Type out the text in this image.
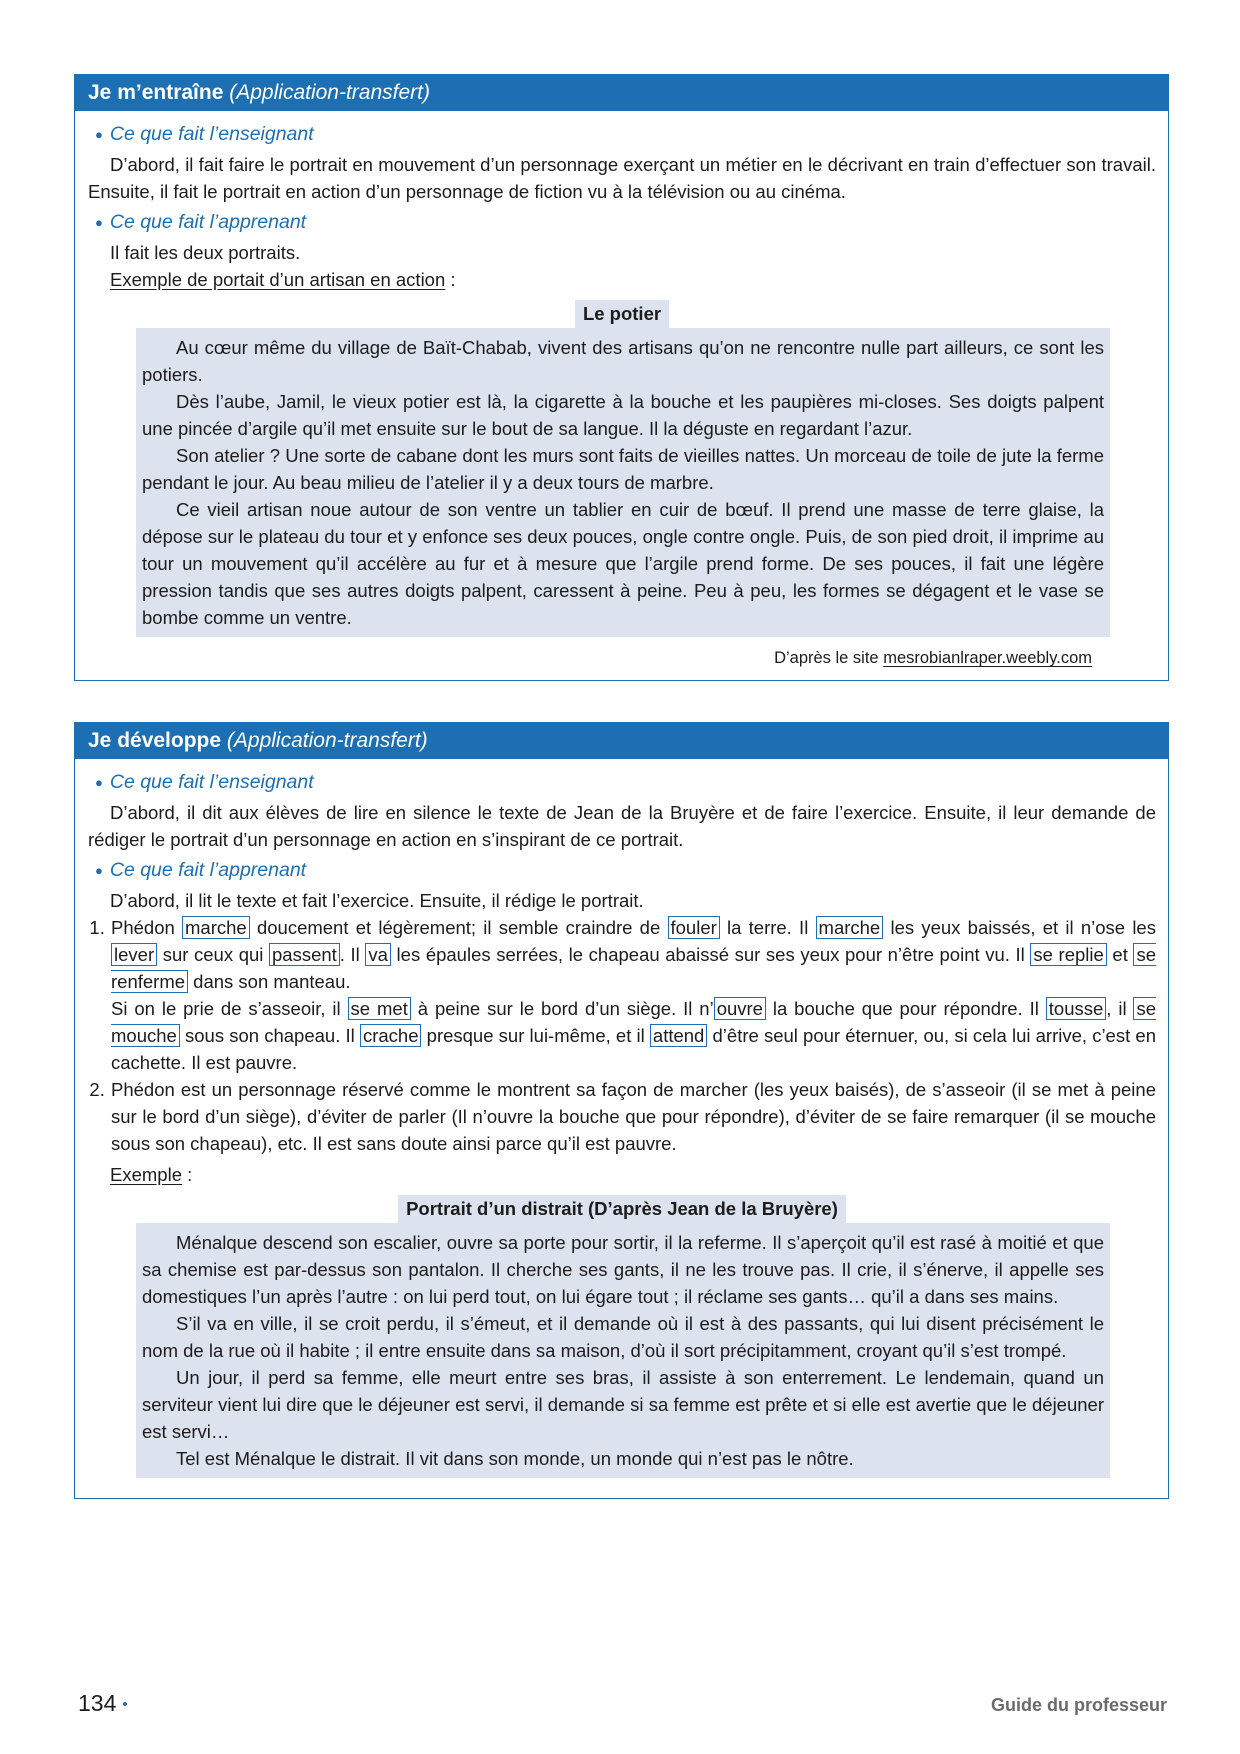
Je m’entraîne (Application-transfert)
● Ce que fait l’enseignant

D’abord, il fait faire le portrait en mouvement d’un personnage exerçant un métier en le décrivant en train d’effectuer son travail. Ensuite, il fait le portrait en action d’un personnage de fiction vu à la télévision ou au cinéma.

● Ce que fait l’apprenant

Il fait les deux portraits.

Exemple de portait d’un artisan en action :

Le potier

Au cœur même du village de Baït-Chabab, vivent des artisans qu’on ne rencontre nulle part ailleurs, ce sont les potiers.

Dès l’aube, Jamil, le vieux potier est là, la cigarette à la bouche et les paupières mi-closes. Ses doigts palpent une pincée d’argile qu’il met ensuite sur le bout de sa langue. Il la déguste en regardant l’azur.

Son atelier ? Une sorte de cabane dont les murs sont faits de vieilles nattes. Un morceau de toile de jute la ferme pendant le jour. Au beau milieu de l’atelier il y a deux tours de marbre.

Ce vieil artisan noue autour de son ventre un tablier en cuir de bœuf. Il prend une masse de terre glaise, la dépose sur le plateau du tour et y enfonce ses deux pouces, ongle contre ongle. Puis, de son pied droit, il imprime au tour un mouvement qu’il accélère au fur et à mesure que l’argile prend forme. De ses pouces, il fait une légère pression tandis que ses autres doigts palpent, caressent à peine. Peu à peu, les formes se dégagent et le vase se bombe comme un ventre.

D’après le site mesrobianlraper.weebly.com
Je développe (Application-transfert)
● Ce que fait l’enseignant

D’abord, il dit aux élèves de lire en silence le texte de Jean de la Bruyère et de faire l’exercice. Ensuite, il leur demande de rédiger le portrait d’un personnage en action en s’inspirant de ce portrait.

● Ce que fait l’apprenant

D’abord, il lit le texte et fait l’exercice. Ensuite, il rédige le portrait.

1. Phédon marche doucement et légèrement; il semble craindre de fouler la terre. Il marche les yeux baissés, et il n’ose les lever sur ceux qui passent . Il va les épaules serrées, le chapeau abaissé sur ses yeux pour n’être point vu. Il se replie et se renferme dans son manteau.
Si on le prie de s’asseoir, il se met à peine sur le bord d’un siège. Il n’ ouvre la bouche que pour répondre. Il tousse , il se mouche sous son chapeau. Il crache presque sur lui-même, et il attend d’être seul pour éternuer, ou, si cela lui arrive, c’est en cachette. Il est pauvre.
2. Phédon est un personnage réservé comme le montrent sa façon de marcher (les yeux baisés), de s’asseoir (il se met à peine sur le bord d’un siège), d’éviter de parler (Il n’ouvre la bouche que pour répondre), d’éviter de se faire remarquer (il se mouche sous son chapeau), etc. Il est sans doute ainsi parce qu’il est pauvre.

Exemple :

Portrait d’un distrait (D’après Jean de la Bruyère)

Ménalque descend son escalier, ouvre sa porte pour sortir, il la referme. Il s’aperçoit qu’il est rasé à moitié et que sa chemise est par-dessus son pantalon. Il cherche ses gants, il ne les trouve pas. Il crie, il s’énerve, il appelle ses domestiques l’un après l’autre : on lui perd tout, on lui égare tout ; il réclame ses gants… qu’il a dans ses mains.

S’il va en ville, il se croit perdu, il s’émeut, et il demande où il est à des passants, qui lui disent précisément le nom de la rue où il habite ; il entre ensuite dans sa maison, d’où il sort précipitamment, croyant qu’il s’est trompé.

Un jour, il perd sa femme, elle meurt entre ses bras, il assiste à son enterrement. Le lendemain, quand un serviteur vient lui dire que le déjeuner est servi, il demande si sa femme est prête et si elle est avertie que le déjeuner est servi…

Tel est Ménalque le distrait. Il vit dans son monde, un monde qui n’est pas le nôtre.

134 •	Guide du professeur
